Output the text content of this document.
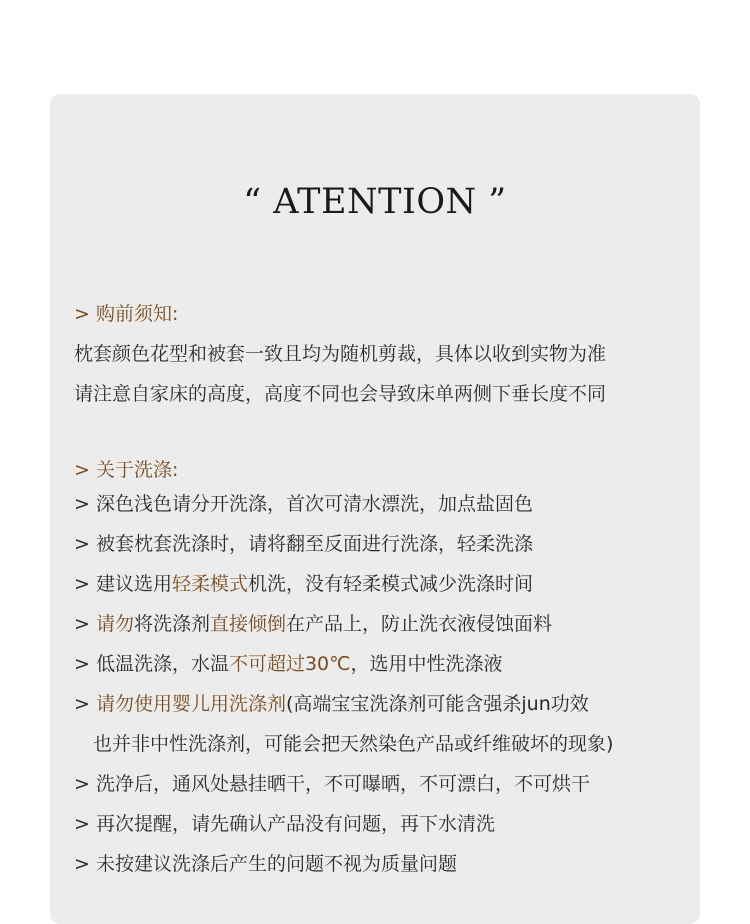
“ ATENTION ”
> 购前须知:
枕套颜色花型和被套一致且均为随机剪裁，具体以收到实物为准
请注意自家床的高度，高度不同也会导致床单两侧下垂长度不同
> 关于洗涤:
> 深色浅色请分开洗涤，首次可清水漂洗，加点盐固色
> 被套枕套洗涤时，请将翻至反面进行洗涤，轻柔洗涤
> 建议选用轻柔模式机洗，没有轻柔模式减少洗涤时间
> 请勿将洗涤剂直接倾倒在产品上，防止洗衣液侵蚀面料
> 低温洗涤，水温不可超过30℃，选用中性洗涤液
> 请勿使用婴儿用洗涤剂(高端宝宝洗涤剂可能含强杀jun功效
也并非中性洗涤剂，可能会把天然染色产品或纤维破坏的现象)
> 洗净后，通风处悬挂晒干，不可曝晒，不可漂白，不可烘干
> 再次提醒，请先确认产品没有问题，再下水清洗
> 未按建议洗涤后产生的问题不视为质量问题
